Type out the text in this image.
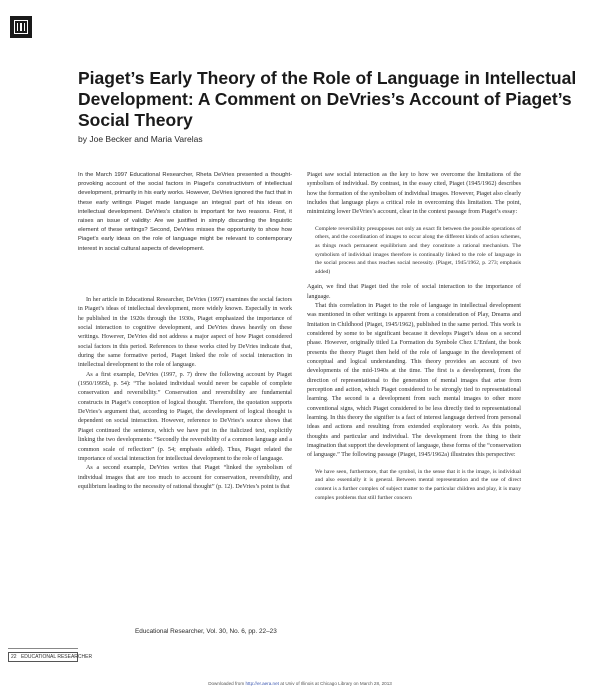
Piaget’s Early Theory of the Role of Language in Intellectual Development: A Comment on DeVries’s Account of Piaget’s Social Theory
by Joe Becker and Maria Varelas

In the March 1997 Educational Researcher, Rheta DeVries presented a thought-provoking account of the social factors in Piaget’s constructivism of intellectual development, primarily in his early works. However, DeVries ignored the fact that in these early writings Piaget made language an integral part of his ideas on intellectual development. DeVries’s citation is important for two reasons. First, it raises an issue of validity: Are we justified in simply discarding the linguistic element of these writings? Second, DeVries misses the opportunity to show how Piaget’s early ideas on the role of language might be relevant to contemporary interest in social cultural aspects of development.

In her article in Educational Researcher, DeVries (1997) examines the social factors in Piaget’s ideas of intellectual development, more widely known. Especially in work he published in the 1920s through the 1930s, Piaget emphasized the importance of social interaction to cognitive development, and DeVries draws heavily on these writings. However, DeVries did not address a major aspect of how Piaget considered social factors in this period. References to these works cited by DeVries indicate that, during the same formative period, Piaget linked the role of social interaction in intellectual development to the role of language.

As a first example, DeVries (1997, p. 7) drew the following account by Piaget (1950/1995b, p. 54): “The isolated individual would never be capable of complete conservation and reversibility.” Conservation and reversibility are fundamental constructs in Piaget’s conception of logical thought. Therefore, the quotation supports DeVries’s argument that, according to Piaget, the development of logical thought is dependent on social interaction. However, reference to DeVries’s source shows that Piaget continued the sentence, which we have put in the italicized text, explicitly linking the two developments: “Secondly the reversibility of a common language and a common scale of reflection” (p. 54; emphasis added). Thus, Piaget related the importance of social interaction for intellectual development to the role of language.

As a second example, DeVries writes that Piaget “linked the symbolism of individual images that are too much to account for conservation, reversibility, and equilibrium leading to the necessity of rational thought” (p. 12). DeVries’s point is that

Piaget saw social interaction as the key to how we overcome the limitations of the symbolism of individual. By contrast, in the essay cited, Piaget (1945/1962) describes how the formation of the symbolism of individual images. However, Piaget also clearly includes that language plays a critical role in overcoming this limitation. The point, minimizing lower DeVries’s account, clear in the context passage from Piaget’s essay:

Complete reversibility presupposes not only an exact fit between the possible operations of others, and the coordination of images to occur along the different kinds of action schemes, as things reach permanent equilibrium and they constitute a rational mechanism. The symbolism of individual images therefore is continually linked to the role of language in the social process and thus reaches social necessity. (Piaget, 1945/1962, p. 273; emphasis added)

Again, we find that Piaget tied the role of social interaction to the importance of language.

That this correlation in Piaget to the role of language in intellectual development was mentioned in other writings is apparent from a consideration of Play, Dreams and Imitation in Childhood (Piaget, 1945/1962), published in the same period. This work is considered by some to be significant because it develops Piaget’s ideas on a second phase. However, originally titled La Formation du Symbole Chez L’Enfant, the book presents the theory Piaget then held of the role of language in the development of conceptual and logical understanding. This theory provides an account of two developments of the mid-1940s at the time. The first is a development, from the direction of representational to the generation of mental images that arise from perception and action, which Piaget considered to be strongly tied to representational learning. The second is a development from such mental images to other more conventional signs, which Piaget considered to be less directly tied to representational learning. In this theory the signifier is a fact of interest language derived from personal ideas and actions and resulting from extended exploratory work. As this points, thoughts and particular and individual. The development from the thing to their imagination that support the development of language, these forms of the “conservation of language.” The following passage (Piaget, 1945/1962a) illustrates this perspective:

We have seen, furthermore, that the symbol, in the sense that it is the image, is individual and also essentially it is general. Between mental representation and the use of direct content is a further complex of subject matter to the particular children and play, it is many complex problems that still further concern

Educational Researcher, Vol. 30, No. 6, pp. 22–23
22 EDUCATIONAL RESEARCHER
Downloaded from http://er.aera.net at Univ of Illinois at Chicago Library on March 28, 2013
